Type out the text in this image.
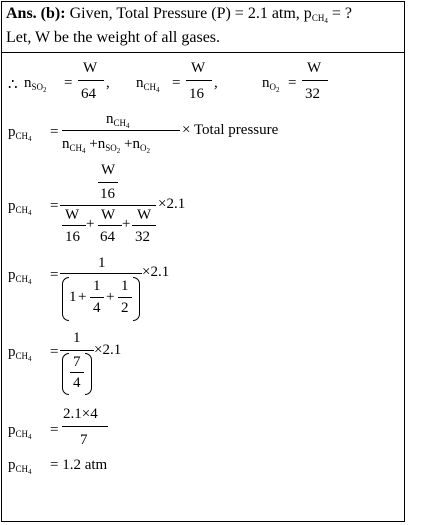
Ans. (b): Given, Total Pressure (P) = 2.1 atm, $p_{CH_4}$ = ?
Let, W be the weight of all gases.
∴ $n_{SO_2}$ =
W
64
, $n_{CH_4}$ =
W
16
,	$n_{O_2}$ =
W
32
$p_{CH_4}$ =
$n_{CH_4}$
$n_{CH_4} +n_{SO_2} +n_{O_2}$
× Total pressure
$p_{CH_4}$ =
W
16
W
16
+
W
64
+
W
32
×2.1
$p_{CH_4}$ =
1
1 +
1
4
+
1
2
×2.1
$p_{CH_4}$ =
1
7
4
×2.1
$p_{CH_4}$ =
2.1×4
7
$p_{CH_4} = 1.2$ atm
